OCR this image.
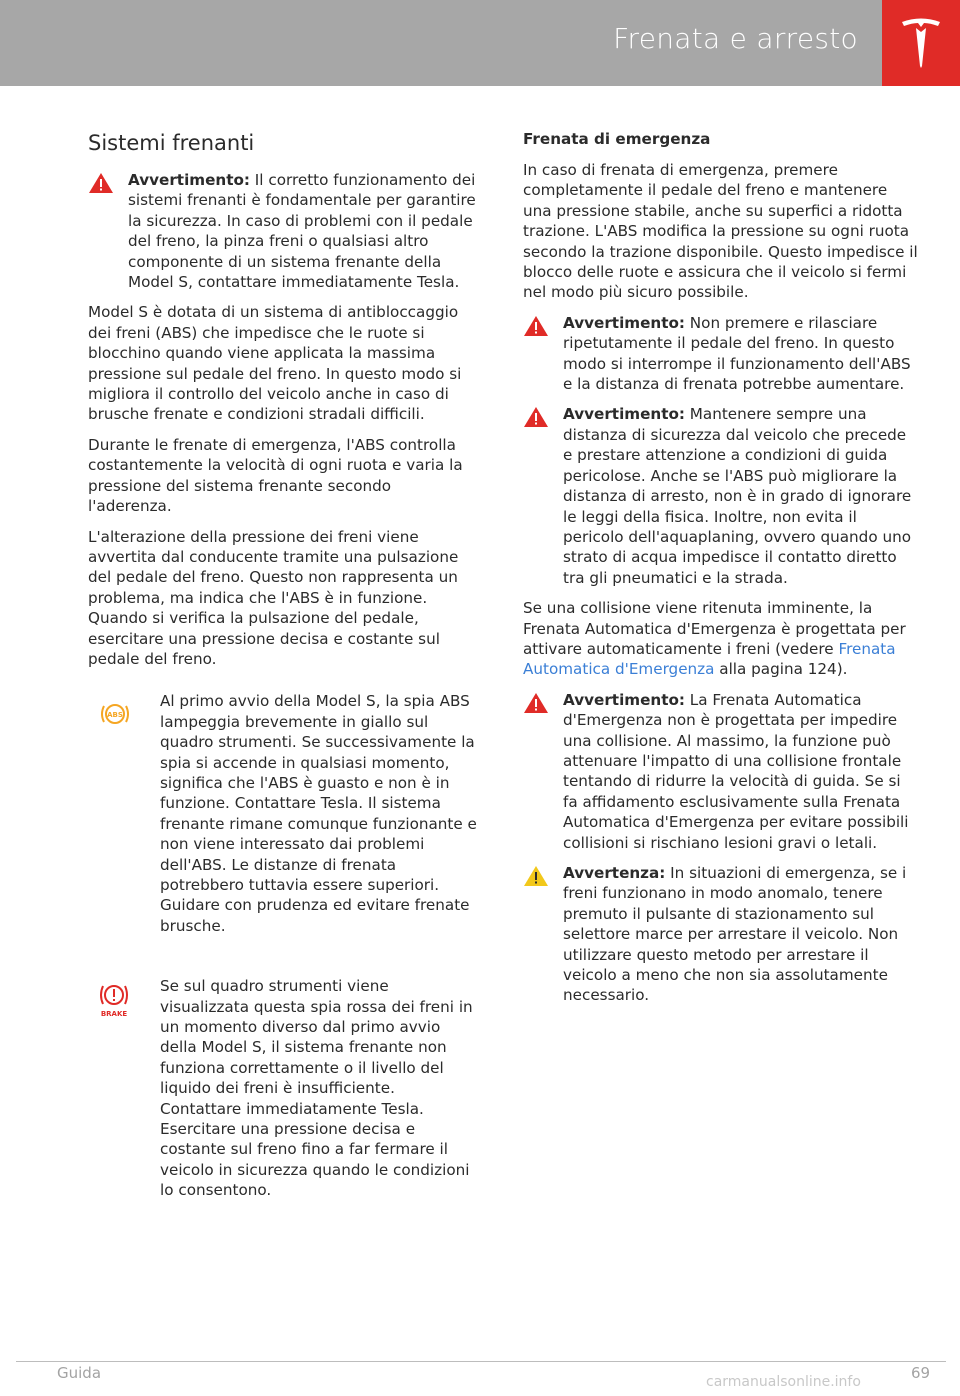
Frenata e arresto
Sistemi frenanti
Avvertimento: Il corretto funzionamento dei sistemi frenanti è fondamentale per garantire la sicurezza. In caso di problemi con il pedale del freno, la pinza freni o qualsiasi altro componente di un sistema frenante della Model S, contattare immediatamente Tesla.

Model S è dotata di un sistema di antibloccaggio dei freni (ABS) che impedisce che le ruote si blocchino quando viene applicata la massima pressione sul pedale del freno. In questo modo si migliora il controllo del veicolo anche in caso di brusche frenate e condizioni stradali difficili.

Durante le frenate di emergenza, l'ABS controlla costantemente la velocità di ogni ruota e varia la pressione del sistema frenante secondo l'aderenza.

L'alterazione della pressione dei freni viene avvertita dal conducente tramite una pulsazione del pedale del freno. Questo non rappresenta un problema, ma indica che l'ABS è in funzione. Quando si verifica la pulsazione del pedale, esercitare una pressione decisa e costante sul pedale del freno.

ABS
Al primo avvio della Model S, la spia ABS lampeggia brevemente in giallo sul quadro strumenti. Se successivamente la spia si accende in qualsiasi momento, significa che l'ABS è guasto e non è in funzione. Contattare Tesla. Il sistema frenante rimane comunque funzionante e non viene interessato dai problemi dell'ABS. Le distanze di frenata potrebbero tuttavia essere superiori. Guidare con prudenza ed evitare frenate brusche.
BRAKE
Se sul quadro strumenti viene visualizzata questa spia rossa dei freni in un momento diverso dal primo avvio della Model S, il sistema frenante non funziona correttamente o il livello del liquido dei freni è insufficiente. Contattare immediatamente Tesla. Esercitare una pressione decisa e costante sul freno fino a far fermare il veicolo in sicurezza quando le condizioni lo consentono.
Frenata di emergenza

In caso di frenata di emergenza, premere completamente il pedale del freno e mantenere una pressione stabile, anche su superfici a ridotta trazione. L'ABS modifica la pressione su ogni ruota secondo la trazione disponibile. Questo impedisce il blocco delle ruote e assicura che il veicolo si fermi nel modo più sicuro possibile.

Avvertimento: Non premere e rilasciare ripetutamente il pedale del freno. In questo modo si interrompe il funzionamento dell'ABS e la distanza di frenata potrebbe aumentare.
Avvertimento: Mantenere sempre una distanza di sicurezza dal veicolo che precede e prestare attenzione a condizioni di guida pericolose. Anche se l'ABS può migliorare la distanza di arresto, non è in grado di ignorare le leggi della fisica. Inoltre, non evita il pericolo dell'aquaplaning, ovvero quando uno strato di acqua impedisce il contatto diretto tra gli pneumatici e la strada.

Se una collisione viene ritenuta imminente, la Frenata Automatica d'Emergenza è progettata per attivare automaticamente i freni (vedere Frenata Automatica d'Emergenza alla pagina 124).

Avvertimento: La Frenata Automatica d'Emergenza non è progettata per impedire una collisione. Al massimo, la funzione può attenuare l'impatto di una collisione frontale tentando di ridurre la velocità di guida. Se si fa affidamento esclusivamente sulla Frenata Automatica d'Emergenza per evitare possibili collisioni si rischiano lesioni gravi o letali.
Avvertenza: In situazioni di emergenza, se i freni funzionano in modo anomalo, tenere premuto il pulsante di stazionamento sul selettore marce per arrestare il veicolo. Non utilizzare questo metodo per arrestare il veicolo a meno che non sia assolutamente necessario.
Guida	69
carmanualsonline.info
